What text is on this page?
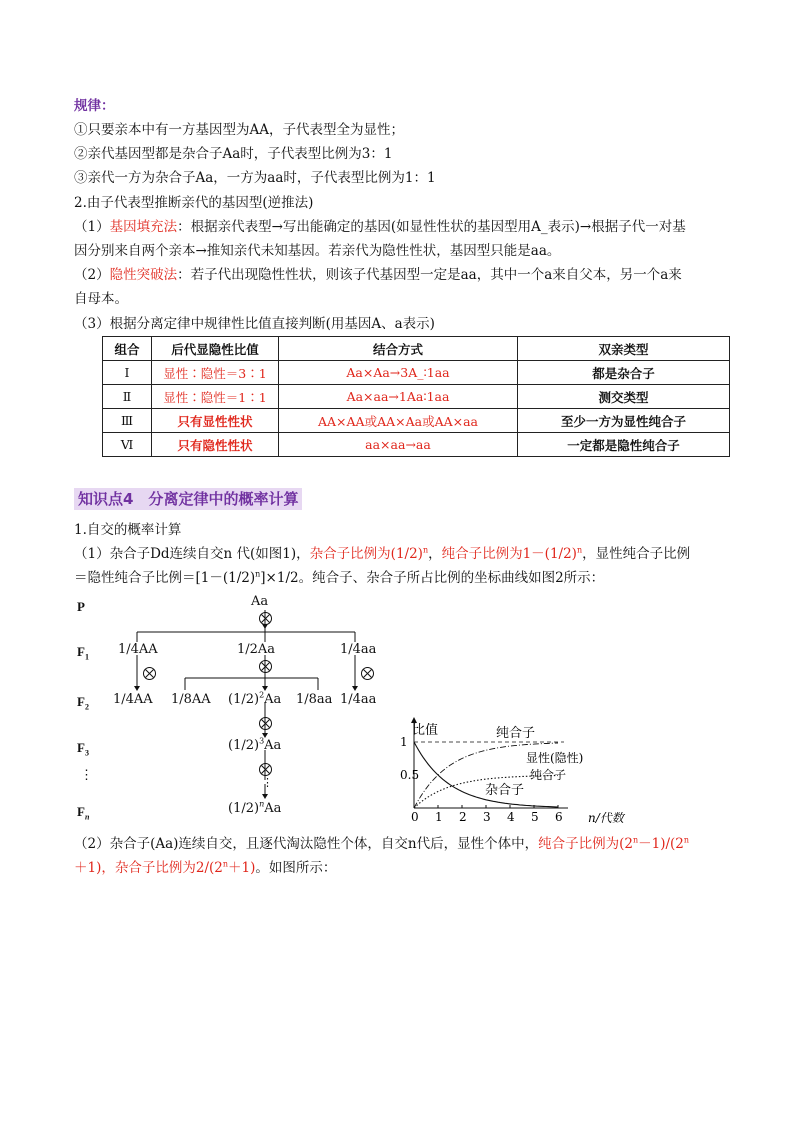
规律：
①只要亲本中有一方基因型为AA，子代表型全为显性；
②亲代基因型都是杂合子Aa时，子代表型比例为3：1
③亲代一方为杂合子Aa，一方为aa时，子代表型比例为1：1
2.由子代表型推断亲代的基因型(逆推法)
（1）基因填充法：根据亲代表型→写出能确定的基因(如显性性状的基因型用A_表示)→根据子代一对基
因分别来自两个亲本→推知亲代未知基因。若亲代为隐性性状，基因型只能是aa。
（2）隐性突破法：若子代出现隐性性状，则该子代基因型一定是aa，其中一个a来自父本，另一个a来
自母本。
（3）根据分离定律中规律性比值直接判断(用基因A、a表示)
组合	后代显隐性比值	结合方式	双亲类型
Ⅰ	显性∶隐性＝3∶1	Aa×Aa→3A_∶1aa	都是杂合子
Ⅱ	显性∶隐性＝1∶1	Aa×aa→1Aa∶1aa	测交类型
Ⅲ	只有显性性状	AA×AA或AA×Aa或AA×aa	至少一方为显性纯合子
Ⅵ	只有隐性性状	aa×aa→aa	一定都是隐性纯合子
知识点4　分离定律中的概率计算
1.自交的概率计算
（1）杂合子Dd连续自交n 代(如图1)，杂合子比例为$(1/2)^n$，纯合子比例为$1-(1/2)^n$，显性纯合子比例
＝隐性纯合子比例$=[1-(1/2)^n]\times 1/2$。纯合子、杂合子所占比例的坐标曲线如图2所示：
P	Aa
$F_1$
1/4AA	1/2Aa	1/4aa
$F_2$
1/4AA 1/8AA $(1/2)^2Aa$ 1/8aa 1/4aa
$F_3$
$(1/2)^3Aa$
⋮	⋮
$F_n$
$(1/2)^nAa$
1
0.5
0 1 2 3 4 5 6
比值
n/代数
纯合子
显性(隐性)
纯合子
杂合子
（2）杂合子(Aa)连续自交，且逐代淘汰隐性个体，自交n代后，显性个体中，纯合子比例为$(2^n-1)/(2^n$
＋1)，杂合子比例为$2/(2^n+1)$。如图所示：
